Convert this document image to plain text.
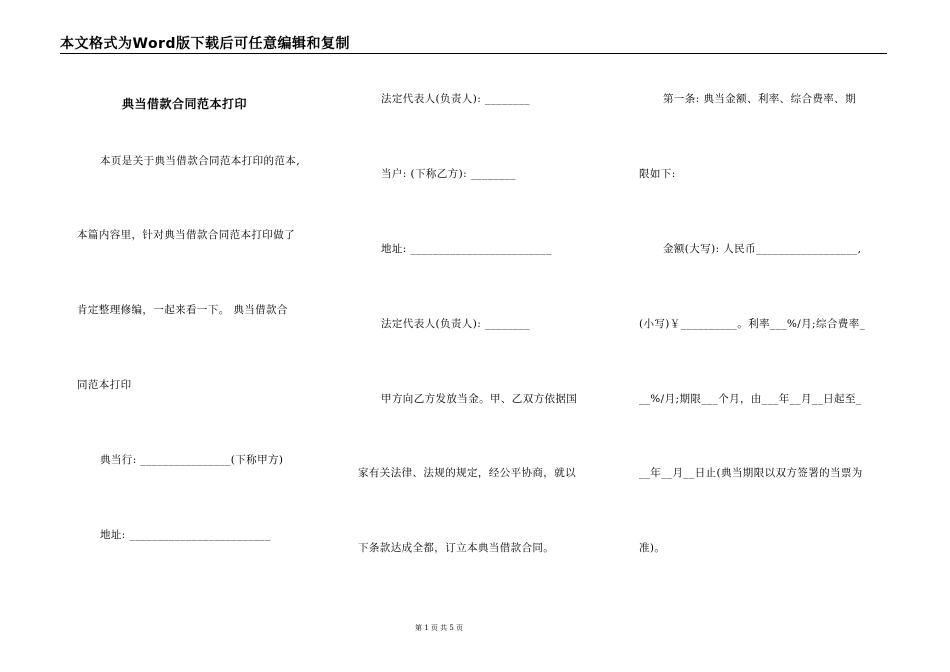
本文格式为Word版下载后可任意编辑和复制
典当借款合同范本打印
本页是关于典当借款合同范本打印的范本,
本篇内容里，针对典当借款合同范本打印做了
肯定整理修编，一起来看一下。 典当借款合
同范本打印
典当行: ________________(下称甲方)
地址: _________________________
法定代表人(负责人): ________
当户: (下称乙方): ________
地址: _________________________
法定代表人(负责人): ________
甲方向乙方发放当金。甲、乙双方依据国
家有关法律、法规的规定，经公平协商，就以
下条款达成全都，订立本典当借款合同。
第一条: 典当金额、利率、综合费率、期
限如下:
金额(大写): 人民币__________________,
(小写)￥__________。利率___%/月;综合费率_
__%/月;期限___个月，由___年__月__日起至_
__年__月__日止(典当期限以双方签署的当票为
准)。
第 1 页 共 5 页
